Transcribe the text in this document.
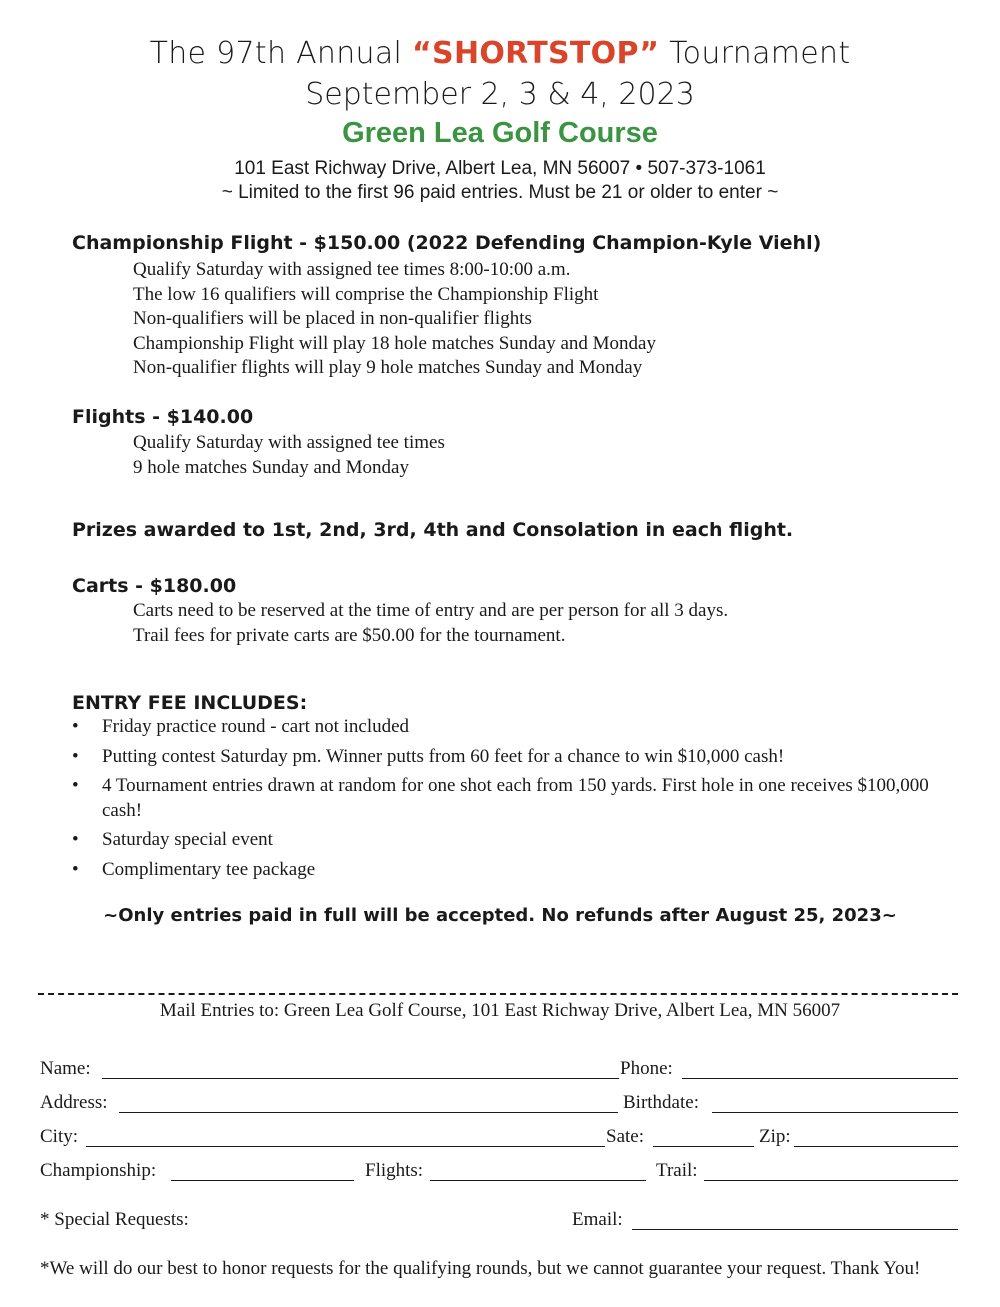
The 97th Annual “SHORTSTOP” Tournament
September 2, 3 & 4, 2023
Green Lea Golf Course
101 East Richway Drive, Albert Lea, MN 56007 • 507-373-1061
~ Limited to the first 96 paid entries. Must be 21 or older to enter ~
Championship Flight - $150.00 (2022 Defending Champion-Kyle Viehl)
Qualify Saturday with assigned tee times 8:00-10:00 a.m.
The low 16 qualifiers will comprise the Championship Flight
Non-qualifiers will be placed in non-qualifier flights
Championship Flight will play 18 hole matches Sunday and Monday
Non-qualifier flights will play 9 hole matches Sunday and Monday
Flights - $140.00
Qualify Saturday with assigned tee times
9 hole matches Sunday and Monday
Prizes awarded to 1st, 2nd, 3rd, 4th and Consolation in each flight.
Carts - $180.00
Carts need to be reserved at the time of entry and are per person for all 3 days.
Trail fees for private carts are $50.00 for the tournament.
ENTRY FEE INCLUDES:
•	Friday practice round - cart not included
•	Putting contest Saturday pm. Winner putts from 60 feet for a chance to win $10,000 cash!
•	4 Tournament entries drawn at random for one shot each from 150 yards. First hole in one receives $100,000 cash!
•	Saturday special event
•	Complimentary tee package
~Only entries paid in full will be accepted. No refunds after August 25, 2023~
Mail Entries to: Green Lea Golf Course, 101 East Richway Drive, Albert Lea, MN 56007
Name:	Phone:
Address:	Birthdate:
City:	Sate:	Zip:
Championship:	Flights:	Trail:
* Special Requests:	Email:
*We will do our best to honor requests for the qualifying rounds, but we cannot guarantee your request. Thank You!
